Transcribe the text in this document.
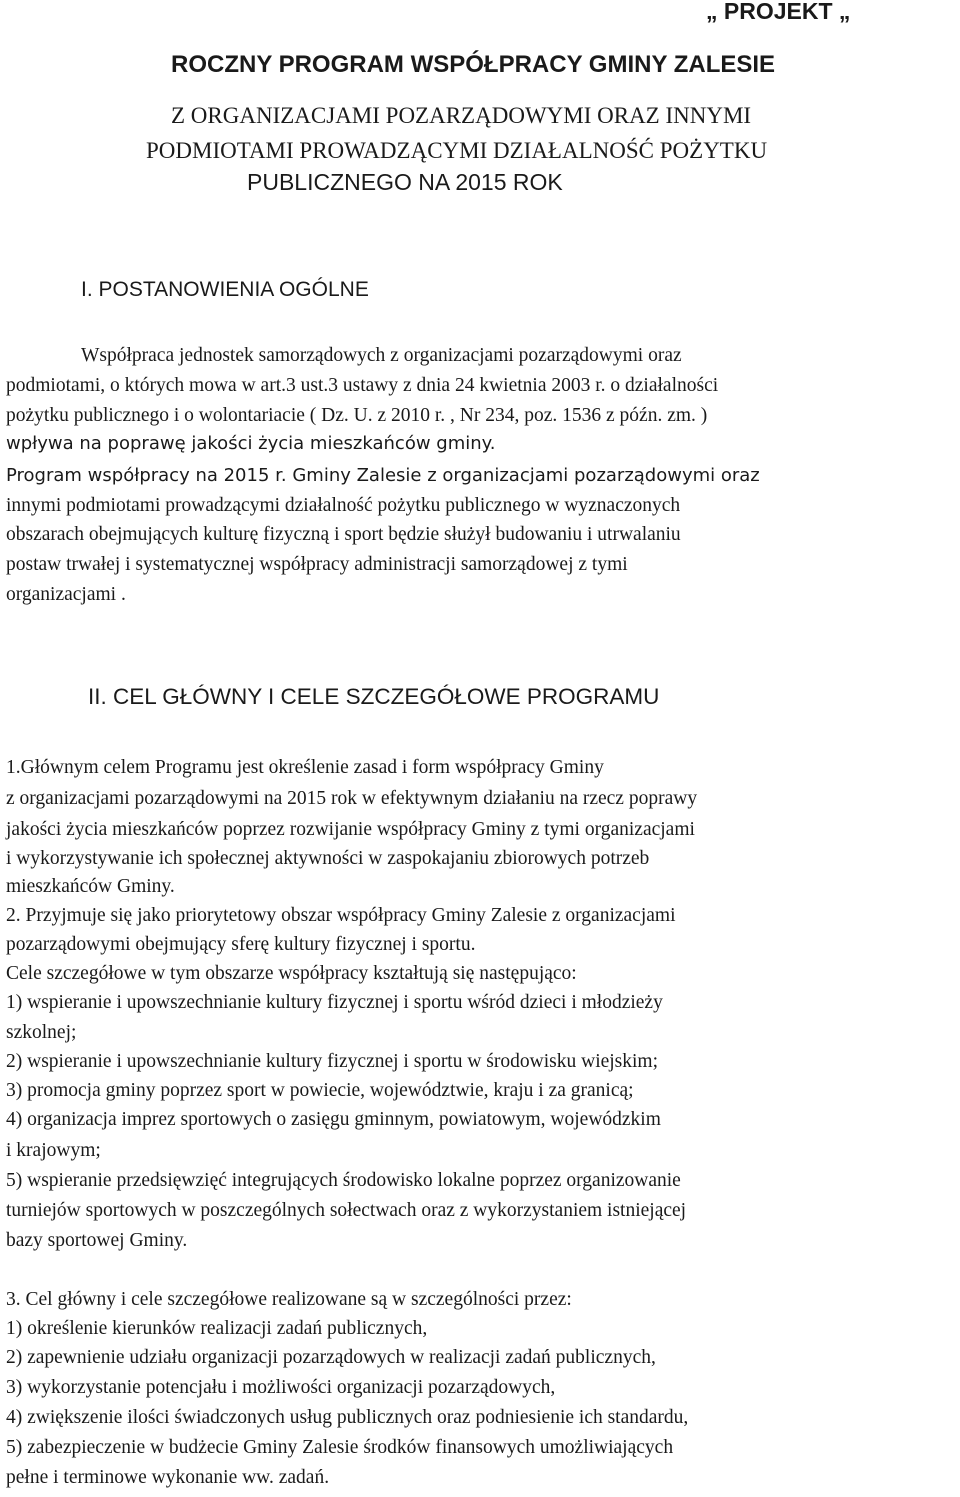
„ PROJEKT „
ROCZNY PROGRAM WSPÓŁPRACY GMINY ZALESIE
Z ORGANIZACJAMI POZARZĄDOWYMI ORAZ INNYMI
PODMIOTAMI PROWADZĄCYMI DZIAŁALNOŚĆ POŻYTKU
PUBLICZNEGO NA 2015 ROK
I. POSTANOWIENIA OGÓLNE
Współpraca jednostek samorządowych z organizacjami pozarządowymi oraz
podmiotami, o których mowa w art.3 ust.3 ustawy z dnia 24 kwietnia 2003 r. o działalności
pożytku publicznego i o wolontariacie ( Dz. U. z 2010 r. , Nr 234, poz. 1536 z późn. zm. )
wpływa na poprawę jakości życia mieszkańców gminy.
Program współpracy na 2015 r. Gminy Zalesie z organizacjami pozarządowymi oraz
innymi podmiotami prowadzącymi działalność pożytku publicznego w wyznaczonych
obszarach obejmujących kulturę fizyczną i sport będzie służył budowaniu i utrwalaniu
postaw trwałej i systematycznej współpracy administracji samorządowej z tymi
organizacjami .
II. CEL GŁÓWNY I CELE SZCZEGÓŁOWE PROGRAMU
1.Głównym celem Programu jest określenie zasad i form współpracy Gminy
z organizacjami pozarządowymi na 2015 rok w efektywnym działaniu na rzecz poprawy
jakości życia mieszkańców poprzez rozwijanie współpracy Gminy z tymi organizacjami
i wykorzystywanie ich społecznej aktywności w zaspokajaniu zbiorowych potrzeb
mieszkańców Gminy.
2. Przyjmuje się jako priorytetowy obszar współpracy Gminy Zalesie z organizacjami
pozarządowymi obejmujący sferę kultury fizycznej i sportu.
Cele szczegółowe w tym obszarze współpracy kształtują się następująco:
1) wspieranie i upowszechnianie kultury fizycznej i sportu wśród dzieci i młodzieży
szkolnej;
2) wspieranie i upowszechnianie kultury fizycznej i sportu w środowisku wiejskim;
3) promocja gminy poprzez sport w powiecie, województwie, kraju i za granicą;
4) organizacja imprez sportowych o zasięgu gminnym, powiatowym, wojewódzkim
i krajowym;
5) wspieranie przedsięwzięć integrujących środowisko lokalne poprzez organizowanie
turniejów sportowych w poszczególnych sołectwach oraz z wykorzystaniem istniejącej
bazy sportowej Gminy.
3. Cel główny i cele szczegółowe realizowane są w szczególności przez:
1) określenie kierunków realizacji zadań publicznych,
2) zapewnienie udziału organizacji pozarządowych w realizacji zadań publicznych,
3) wykorzystanie potencjału i możliwości organizacji pozarządowych,
4) zwiększenie ilości świadczonych usług publicznych oraz podniesienie ich standardu,
5) zabezpieczenie w budżecie Gminy Zalesie środków finansowych umożliwiających
pełne i terminowe wykonanie ww. zadań.
